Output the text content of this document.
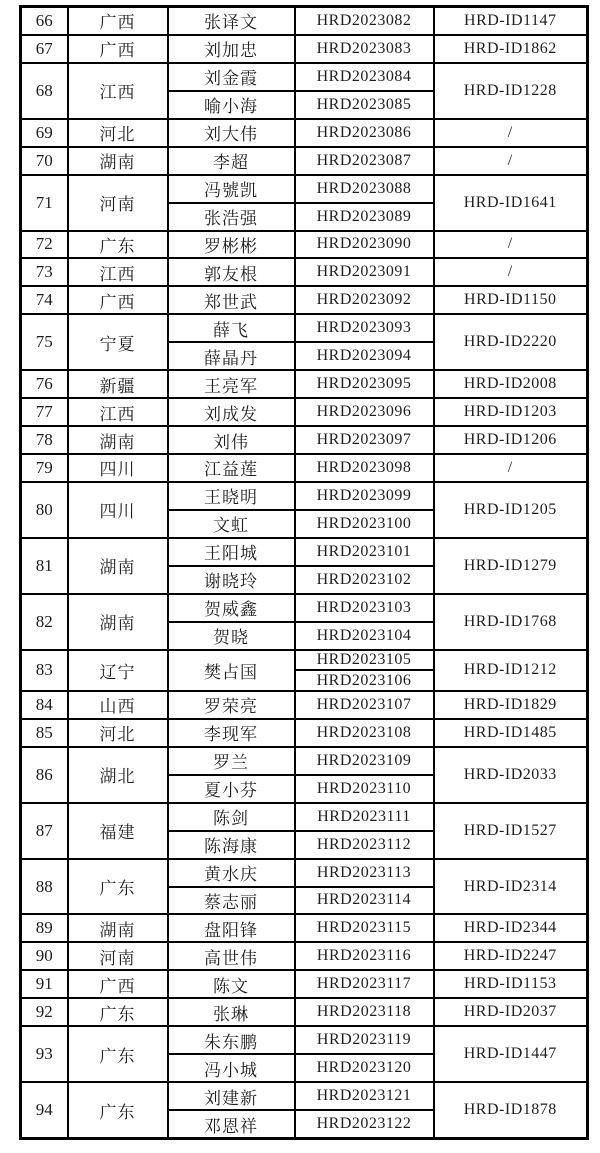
66	广西	张译文	HRD2023082	HRD-ID1147
67	广西	刘加忠	HRD2023083	HRD-ID1862
68	江西	刘金霞	HRD2023084	HRD-ID1228
		喻小海	HRD2023085	
69	河北	刘大伟	HRD2023086	/
70	湖南	李超	HRD2023087	/
71	河南	冯號凯	HRD2023088	HRD-ID1641
		张浩强	HRD2023089	
72	广东	罗彬彬	HRD2023090	/
73	江西	郭友根	HRD2023091	/
74	广西	郑世武	HRD2023092	HRD-ID1150
75	宁夏	薛飞	HRD2023093	HRD-ID2220
		薛晶丹	HRD2023094	
76	新疆	王亮军	HRD2023095	HRD-ID2008
77	江西	刘成发	HRD2023096	HRD-ID1203
78	湖南	刘伟	HRD2023097	HRD-ID1206
79	四川	江益莲	HRD2023098	/
80	四川	王晓明	HRD2023099	HRD-ID1205
		文虹	HRD2023100	
81	湖南	王阳城	HRD2023101	HRD-ID1279
		谢晓玲	HRD2023102	
82	湖南	贺威鑫	HRD2023103	HRD-ID1768
		贺晓	HRD2023104	
83	辽宁	樊占国	HRD2023105	HRD-ID1212
			HRD2023106	
84	山西	罗荣亮	HRD2023107	HRD-ID1829
85	河北	李现军	HRD2023108	HRD-ID1485
86	湖北	罗兰	HRD2023109	HRD-ID2033
		夏小芬	HRD2023110	
87	福建	陈剑	HRD2023111	HRD-ID1527
		陈海康	HRD2023112	
88	广东	黄水庆	HRD2023113	HRD-ID2314
		蔡志丽	HRD2023114	
89	湖南	盘阳锋	HRD2023115	HRD-ID2344
90	河南	高世伟	HRD2023116	HRD-ID2247
91	广西	陈文	HRD2023117	HRD-ID1153
92	广东	张琳	HRD2023118	HRD-ID2037
93	广东	朱东鹏	HRD2023119	HRD-ID1447
		冯小城	HRD2023120	
94	广东	刘建新	HRD2023121	HRD-ID1878
		邓恩祥	HRD2023122	
